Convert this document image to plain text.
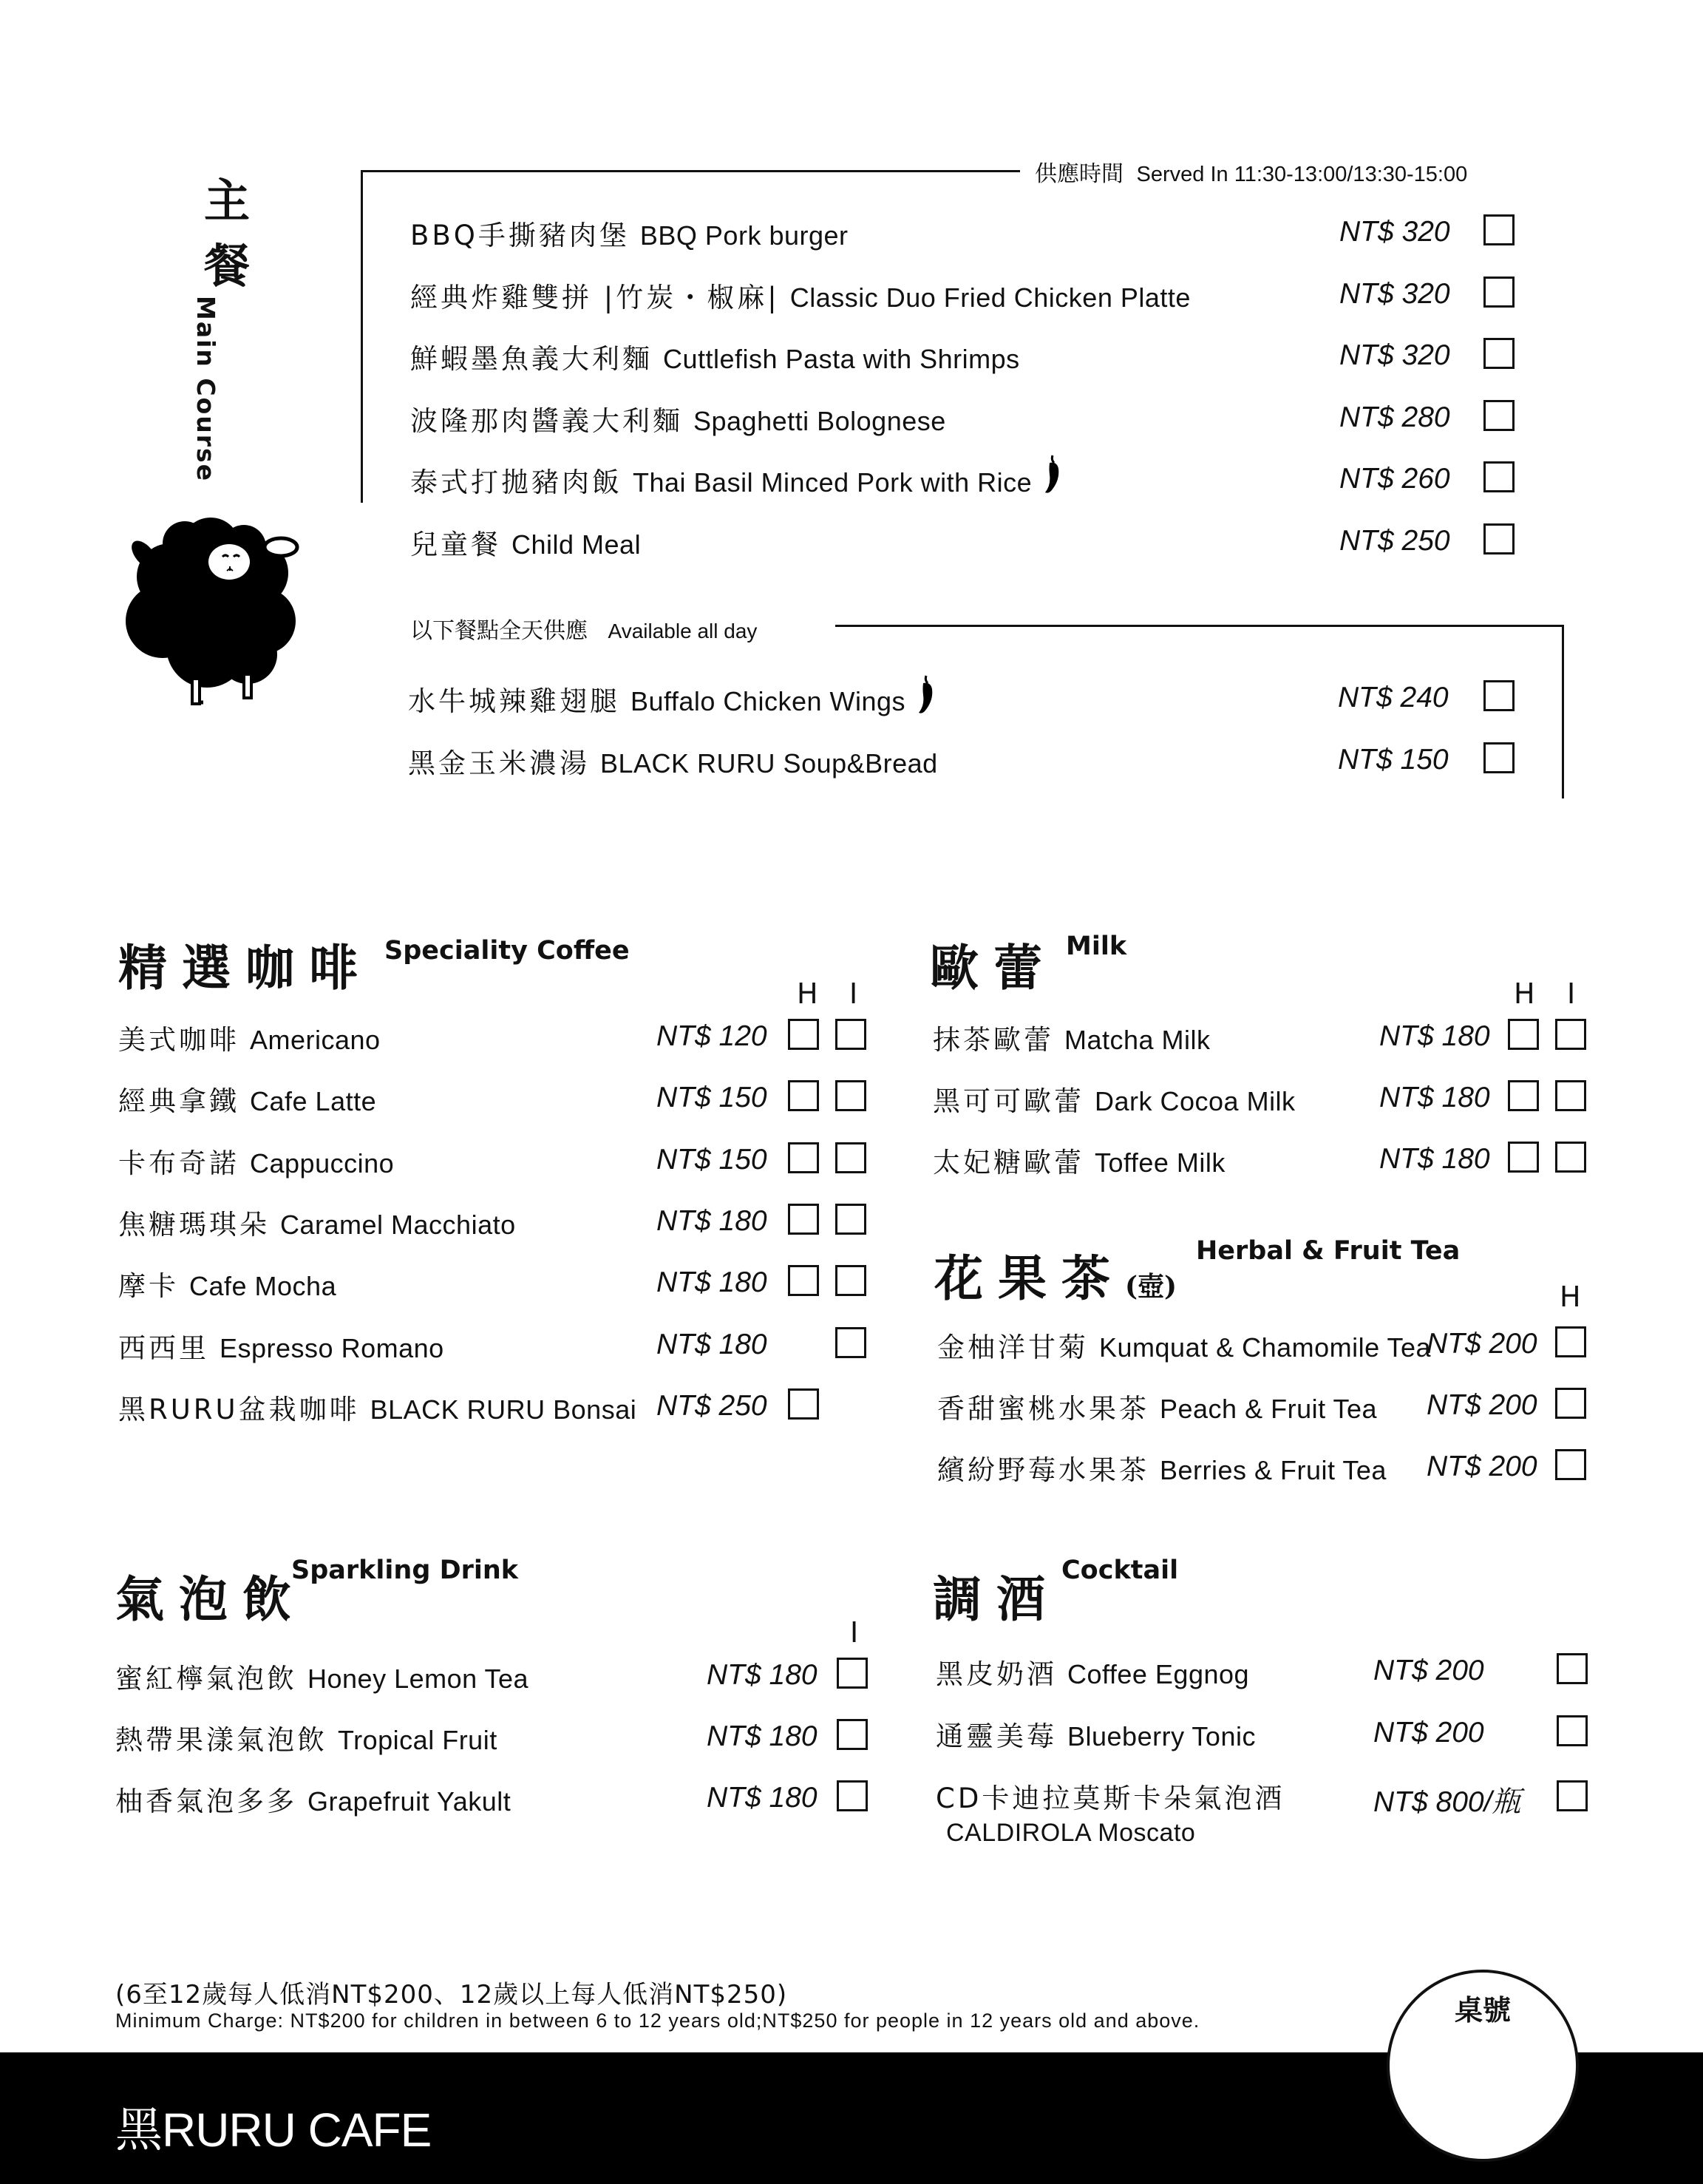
主
餐
Main Course
供應時間 Served In 11:30-13:00/13:30-15:00
以下餐點全天供應 Available all day
精選咖啡 Speciality Coffee
H I 歐蕾 Milk
H I
花果茶(壺)
Herbal & Fruit Tea
H
氣泡飲
Sparkling Drink
I
調酒 Cocktail
(6至12歲每人低消NT$200、12歲以上每人低消NT$250)
Minimum Charge: NT$200 for children in between 6 to 12 years old;NT$250 for people in 12 years old and above.
黑RURU CAFE
桌號
BBQ手撕豬肉堡 BBQ Pork burger	NT$ 320
經典炸雞雙拼 |竹炭・椒麻| Classic Duo Fried Chicken Platte	NT$ 320
鮮蝦墨魚義大利麵 Cuttlefish Pasta with Shrimps	NT$ 320
波隆那肉醬義大利麵 Spaghetti Bolognese	NT$ 280
泰式打拋豬肉飯 Thai Basil Minced Pork with Rice	NT$ 260
兒童餐 Child Meal	NT$ 250
水牛城辣雞翅腿 Buffalo Chicken Wings	NT$ 240
黑金玉米濃湯 BLACK RURU Soup&Bread	NT$ 150
美式咖啡 Americano	NT$ 120
經典拿鐵 Cafe Latte	NT$ 150
卡布奇諾 Cappuccino	NT$ 150
焦糖瑪琪朵 Caramel Macchiato	NT$ 180
摩卡 Cafe Mocha	NT$ 180
西西里 Espresso Romano	NT$ 180
黑RURU盆栽咖啡 BLACK RURU Bonsai NT$ 250
抹茶歐蕾 Matcha Milk	NT$ 180
黑可可歐蕾 Dark Cocoa Milk	NT$ 180
太妃糖歐蕾 Toffee Milk	NT$ 180
金柚洋甘菊 Kumquat & Chamomile Tea
NT$ 200
香甜蜜桃水果茶 Peach & Fruit Tea NT$ 200
繽紛野莓水果茶 Berries & Fruit Tea NT$ 200
蜜紅檸氣泡飲 Honey Lemon Tea	NT$ 180
熱帶果漾氣泡飲 Tropical Fruit	NT$ 180
柚香氣泡多多 Grapefruit Yakult	NT$ 180
黑皮奶酒 Coffee Eggnog	NT$ 200
通靈美莓 Blueberry Tonic	NT$ 200
CD卡迪拉莫斯卡朵氣泡酒
CALDIROLA Moscato
NT$ 800/瓶
